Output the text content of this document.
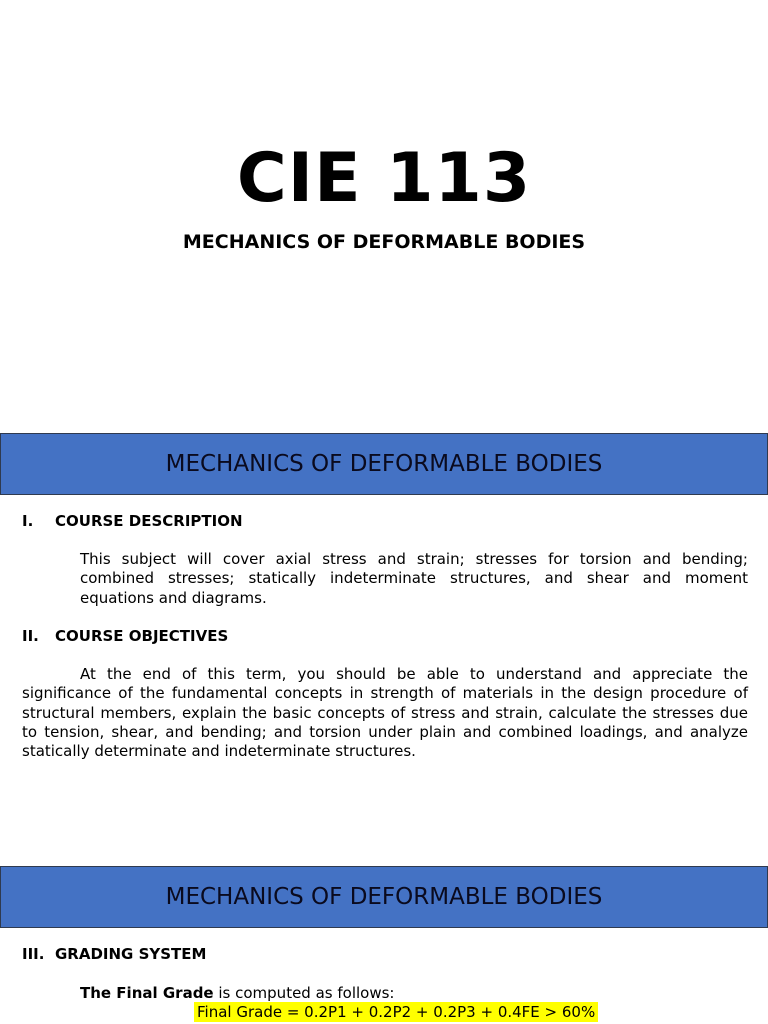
CIE 113
MECHANICS OF DEFORMABLE BODIES
MECHANICS OF DEFORMABLE BODIES
I. COURSE DESCRIPTION

This subject will cover axial stress and strain; stresses for torsion and bending; combined stresses; statically indeterminate structures, and shear and moment equations and diagrams.

II. COURSE OBJECTIVES

At the end of this term, you should be able to understand and appreciate the significance of the fundamental concepts in strength of materials in the design procedure of structural members, explain the basic concepts of stress and strain, calculate the stresses due to tension, shear, and bending; and torsion under plain and combined loadings, and analyze statically determinate and indeterminate structures.

MECHANICS OF DEFORMABLE BODIES
III. GRADING SYSTEM
The Final Grade is computed as follows:
Final Grade = 0.2P1 + 0.2P2 + 0.2P3 + 0.4FE > 60%
